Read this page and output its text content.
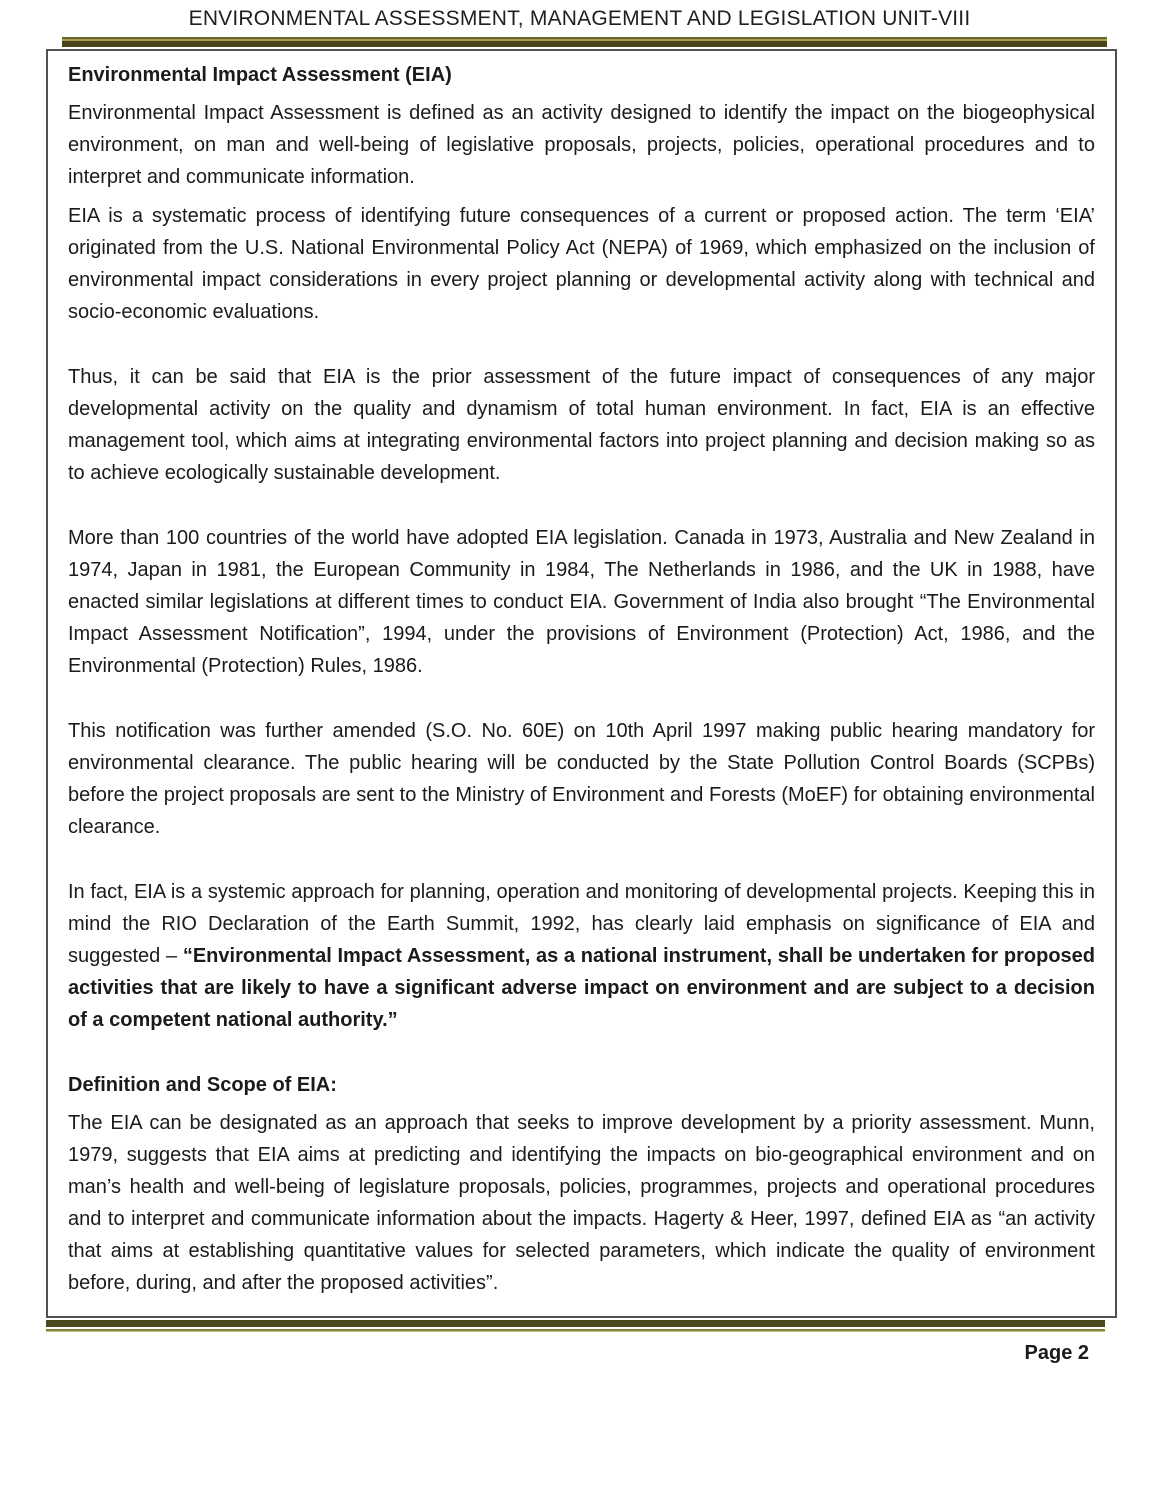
ENVIRONMENTAL ASSESSMENT, MANAGEMENT AND LEGISLATION UNIT-VIII

Environmental Impact Assessment (EIA)

Environmental Impact Assessment is defined as an activity designed to identify the impact on the biogeophysical environment, on man and well-being of legislative proposals, projects, policies, operational procedures and to interpret and communicate information.

EIA is a systematic process of identifying future consequences of a current or proposed action. The term ‘EIA’ originated from the U.S. National Environmental Policy Act (NEPA) of 1969, which emphasized on the inclusion of environmental impact considerations in every project planning or developmental activity along with technical and socio-economic evaluations.

Thus, it can be said that EIA is the prior assessment of the future impact of consequences of any major developmental activity on the quality and dynamism of total human environment. In fact, EIA is an effective management tool, which aims at integrating environmental factors into project planning and decision making so as to achieve ecologically sustainable development.

More than 100 countries of the world have adopted EIA legislation. Canada in 1973, Australia and New Zealand in 1974, Japan in 1981, the European Community in 1984, The Netherlands in 1986, and the UK in 1988, have enacted similar legislations at different times to conduct EIA. Government of India also brought “The Environmental Impact Assessment Notification”, 1994, under the provisions of Environment (Protection) Act, 1986, and the Environmental (Protection) Rules, 1986.

This notification was further amended (S.O. No. 60E) on 10th April 1997 making public hearing mandatory for environmental clearance. The public hearing will be conducted by the State Pollution Control Boards (SCPBs) before the project proposals are sent to the Ministry of Environment and Forests (MoEF) for obtaining environmental clearance.

In fact, EIA is a systemic approach for planning, operation and monitoring of developmental projects. Keeping this in mind the RIO Declaration of the Earth Summit, 1992, has clearly laid emphasis on significance of EIA and suggested – “Environmental Impact Assessment, as a national instrument, shall be undertaken for proposed activities that are likely to have a significant adverse impact on environment and are subject to a decision of a competent national authority.”

Definition and Scope of EIA:

The EIA can be designated as an approach that seeks to improve development by a priority assessment. Munn, 1979, suggests that EIA aims at predicting and identifying the impacts on bio-geographical environment and on man’s health and well-being of legislature proposals, policies, programmes, projects and operational procedures and to interpret and communicate information about the impacts. Hagerty & Heer, 1997, defined EIA as “an activity that aims at establishing quantitative values for selected parameters, which indicate the quality of environment before, during, and after the proposed activities”.

Page 2
